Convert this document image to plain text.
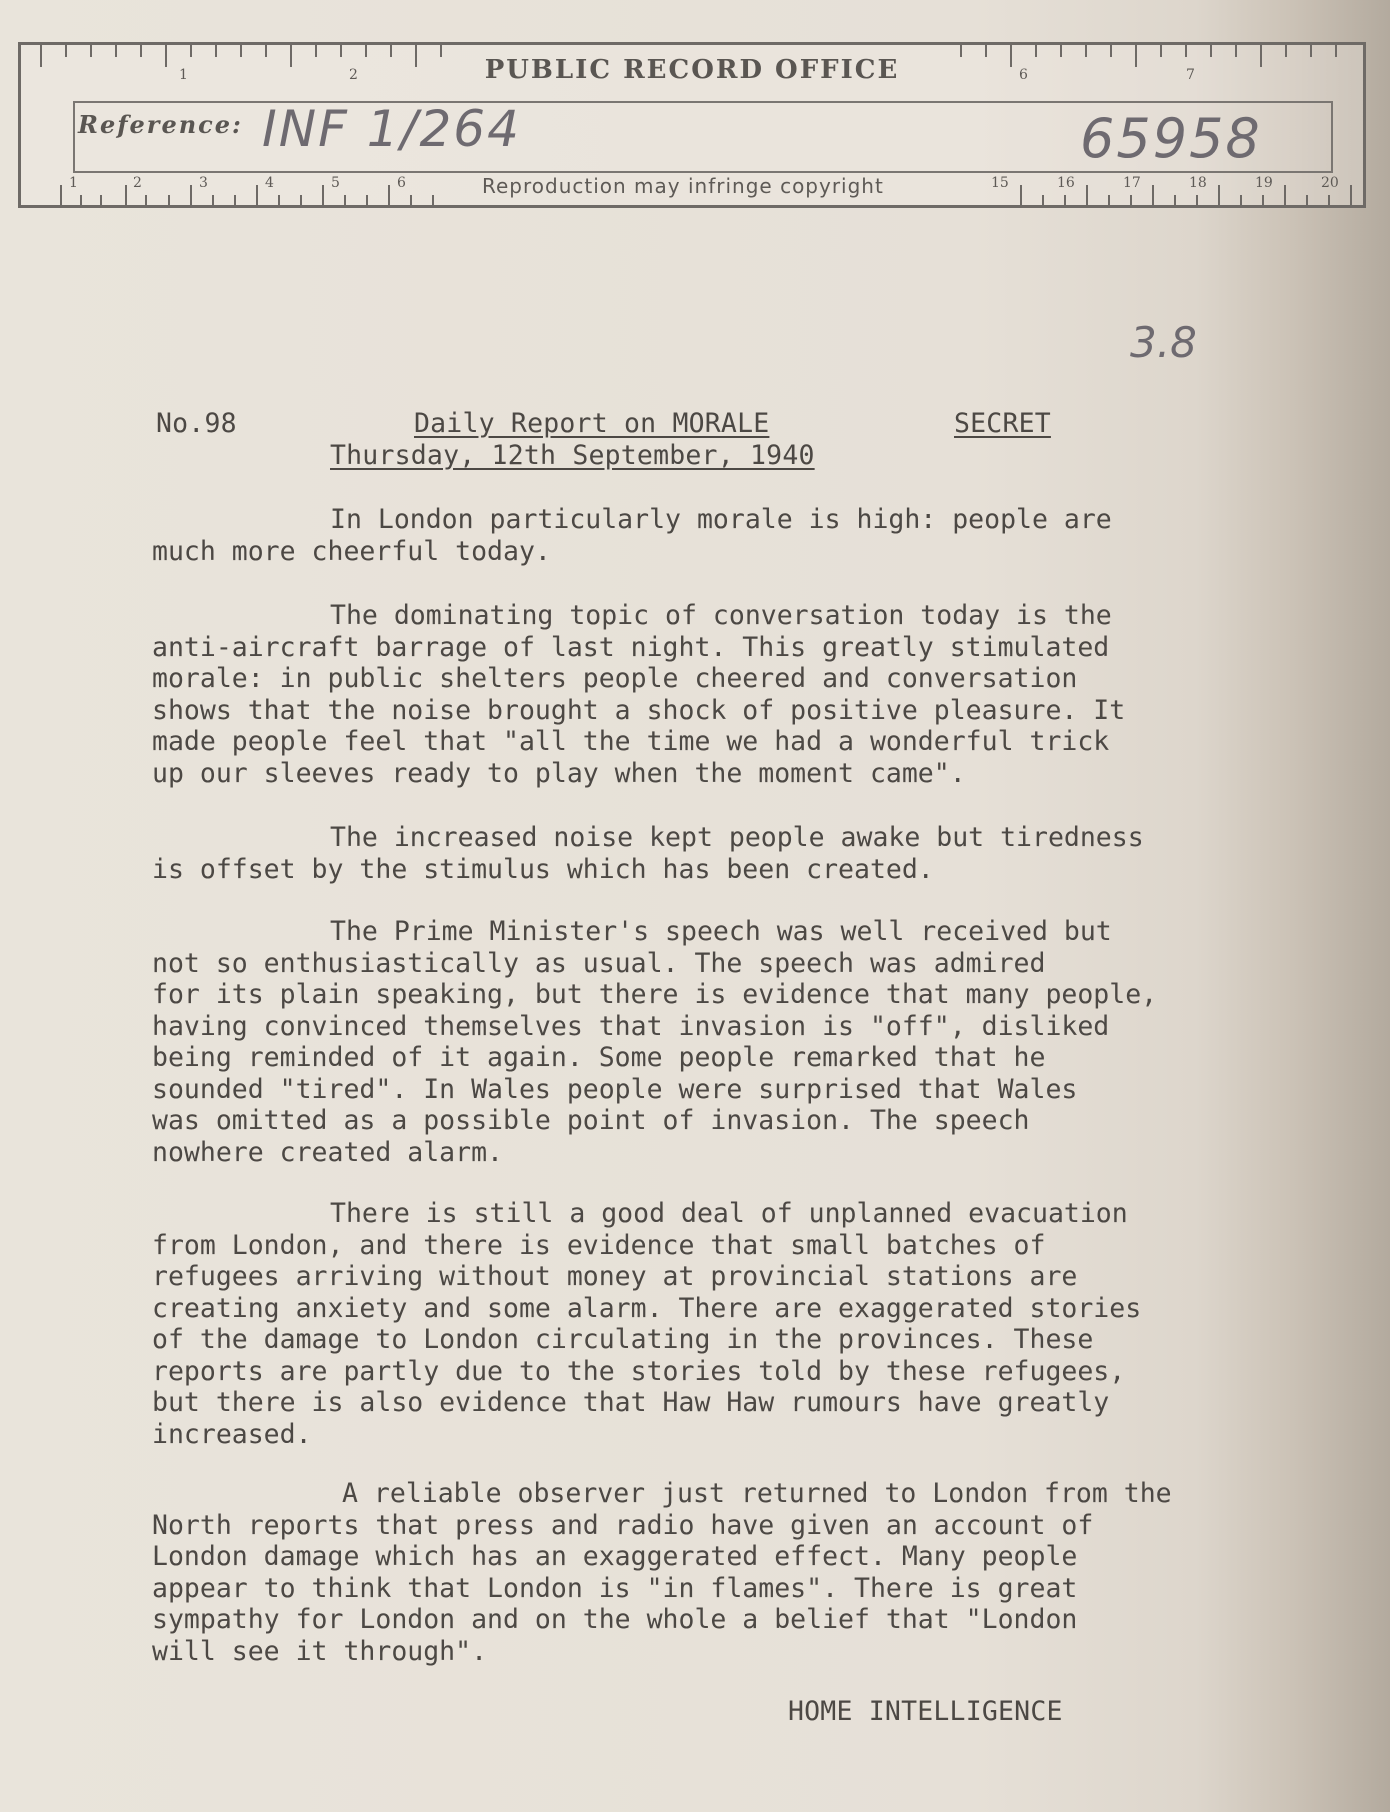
1	2	6	7
1	2	3	4	5	6	15	16	17	18	19	20
PUBLIC RECORD OFFICE
Reference: INF 1/264	65958
Reproduction may infringe copyright
3.8
No.98	Daily Report on MORALE	SECRET
Thursday, 12th September, 1940
In London particularly morale is high: people are
much more cheerful today.
The dominating topic of conversation today is the
anti-aircraft barrage of last night. This greatly stimulated
morale: in public shelters people cheered and conversation
shows that the noise brought a shock of positive pleasure. It
made people feel that "all the time we had a wonderful trick
up our sleeves ready to play when the moment came".
The increased noise kept people awake but tiredness
is offset by the stimulus which has been created.
The Prime Minister's speech was well received but
not so enthusiastically as usual. The speech was admired
for its plain speaking, but there is evidence that many people,
having convinced themselves that invasion is "off", disliked
being reminded of it again. Some people remarked that he
sounded "tired". In Wales people were surprised that Wales
was omitted as a possible point of invasion. The speech
nowhere created alarm.
There is still a good deal of unplanned evacuation
from London, and there is evidence that small batches of
refugees arriving without money at provincial stations are
creating anxiety and some alarm. There are exaggerated stories
of the damage to London circulating in the provinces. These
reports are partly due to the stories told by these refugees,
but there is also evidence that Haw Haw rumours have greatly
increased.
A reliable observer just returned to London from the
North reports that press and radio have given an account of
London damage which has an exaggerated effect. Many people
appear to think that London is "in flames". There is great
sympathy for London and on the whole a belief that "London
will see it through".
HOME INTELLIGENCE
